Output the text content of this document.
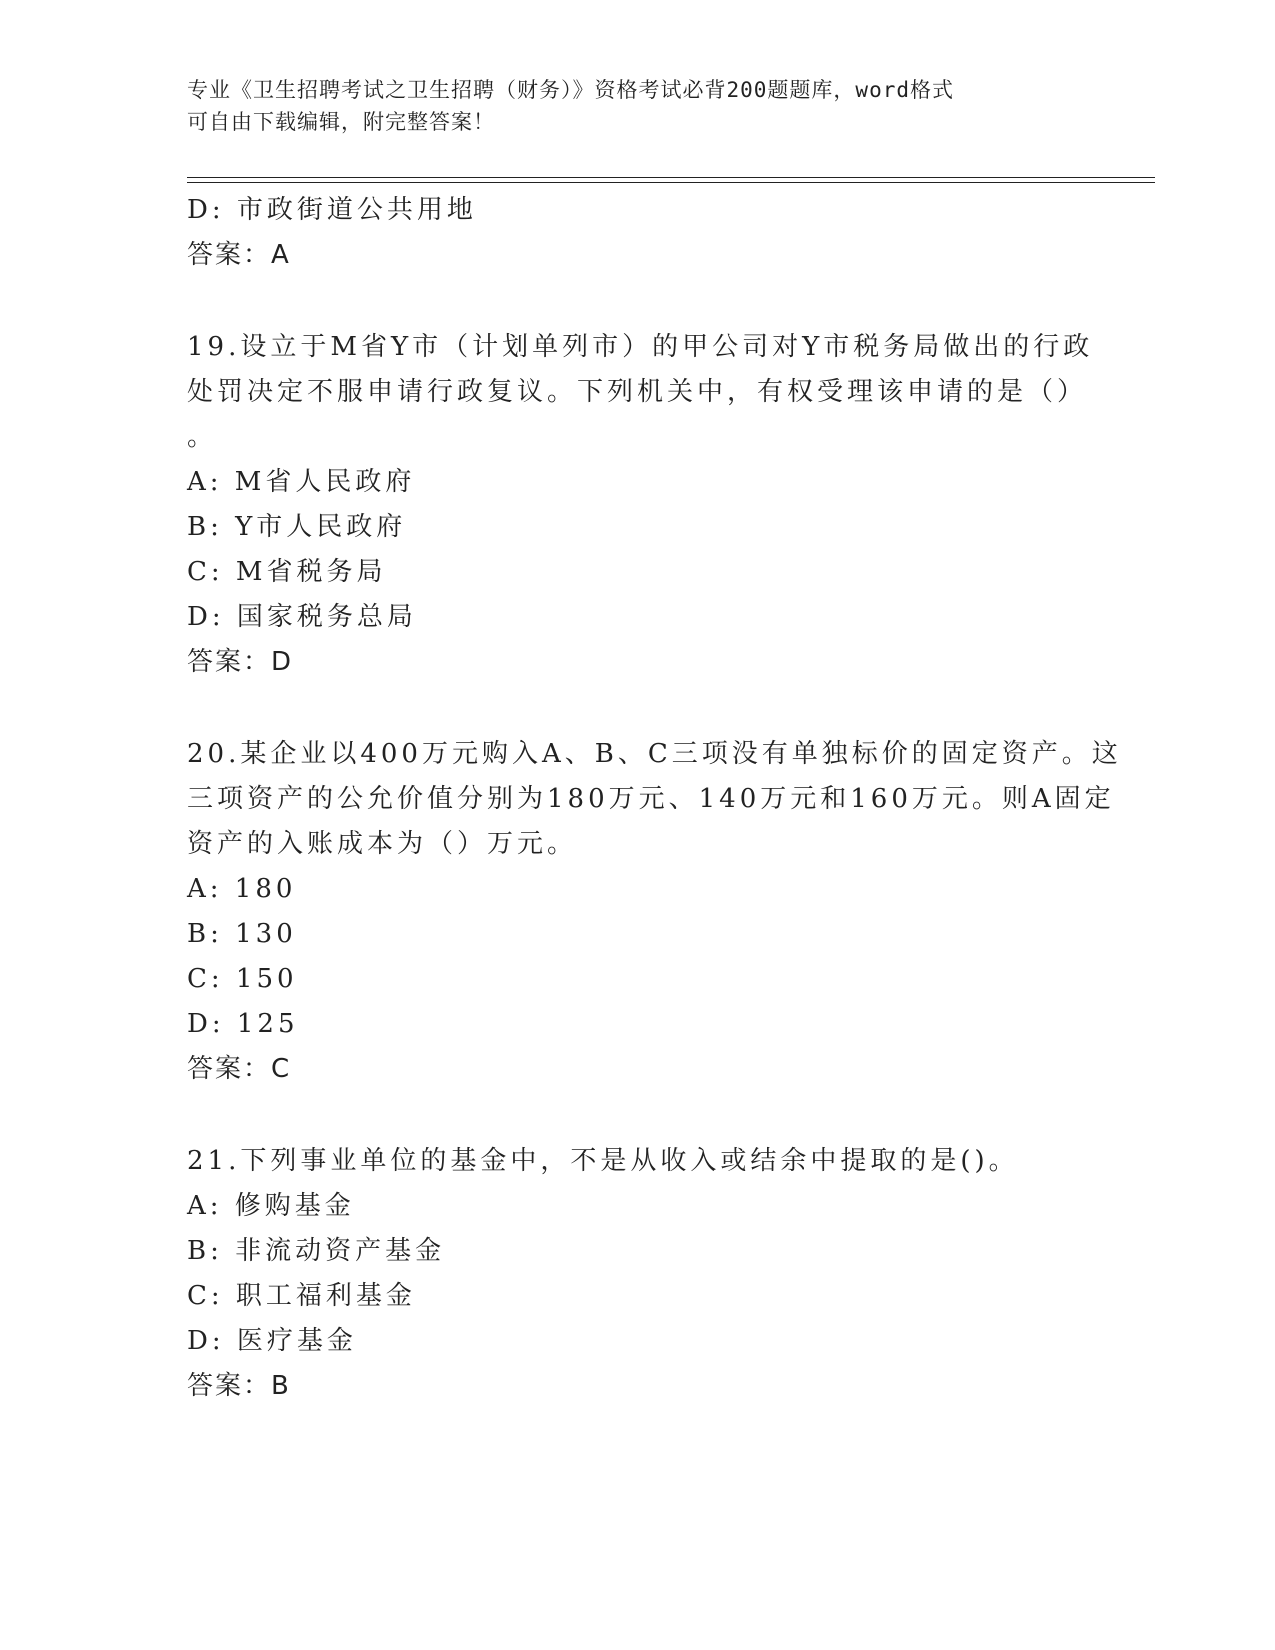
专业《卫生招聘考试之卫生招聘（财务）》资格考试必背200题题库，word格式
可自由下载编辑，附完整答案！
D: 市政街道公共用地
答案：A
19.设立于M省Y市（计划单列市）的甲公司对Y市税务局做出的行政
处罚决定不服申请行政复议。下列机关中，有权受理该申请的是（）
。
A: M省人民政府
B: Y市人民政府
C: M省税务局
D: 国家税务总局
答案：D
20.某企业以400万元购入A、B、C三项没有单独标价的固定资产。这
三项资产的公允价值分别为180万元、140万元和160万元。则A固定
资产的入账成本为（）万元。
A: 180
B: 130
C: 150
D: 125
答案：C
21.下列事业单位的基金中，不是从收入或结余中提取的是()。
A: 修购基金
B: 非流动资产基金
C: 职工福利基金
D: 医疗基金
答案：B
